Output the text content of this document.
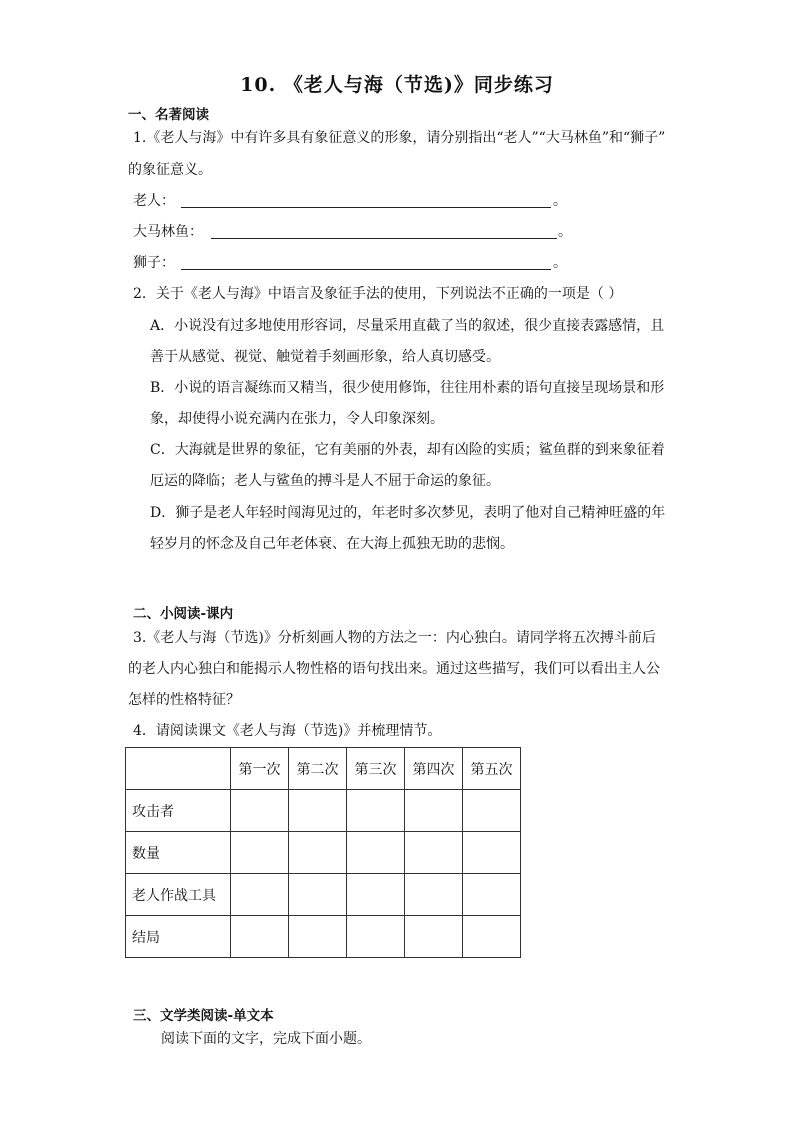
10. 《老人与海（节选)》同步练习
一、名著阅读
1.《老人与海》中有许多具有象征意义的形象，请分别指出“老人”“大马林鱼”和“狮子”
的象征意义。
老人：	。
大马林鱼：	。
狮子：	。
2．关于《老人与海》中语言及象征手法的使用，下列说法不正确的一项是（ ）
A．小说没有过多地使用形容词，尽量采用直截了当的叙述，很少直接表露感情，且
善于从感觉、视觉、触觉着手刻画形象，给人真切感受。
B．小说的语言凝练而又精当，很少使用修饰，往往用朴素的语句直接呈现场景和形
象，却使得小说充满内在张力，令人印象深刻。
C．大海就是世界的象征，它有美丽的外表，却有凶险的实质；鲨鱼群的到来象征着
厄运的降临；老人与鲨鱼的搏斗是人不屈于命运的象征。
D．狮子是老人年轻时闯海见过的，年老时多次梦见，表明了他对自己精神旺盛的年
轻岁月的怀念及自己年老体衰、在大海上孤独无助的悲悯。
二、小阅读-课内
3.《老人与海（节选)》分析刻画人物的方法之一：内心独白。请同学将五次搏斗前后
的老人内心独白和能揭示人物性格的语句找出来。通过这些描写，我们可以看出主人公
怎样的性格特征？
4．请阅读课文《老人与海（节选)》并梳理情节。
	第一次	第二次	第三次	第四次	第五次
攻击者					
数量					
老人作战工具					
结局					
三、文学类阅读-单文本
阅读下面的文字，完成下面小题。
